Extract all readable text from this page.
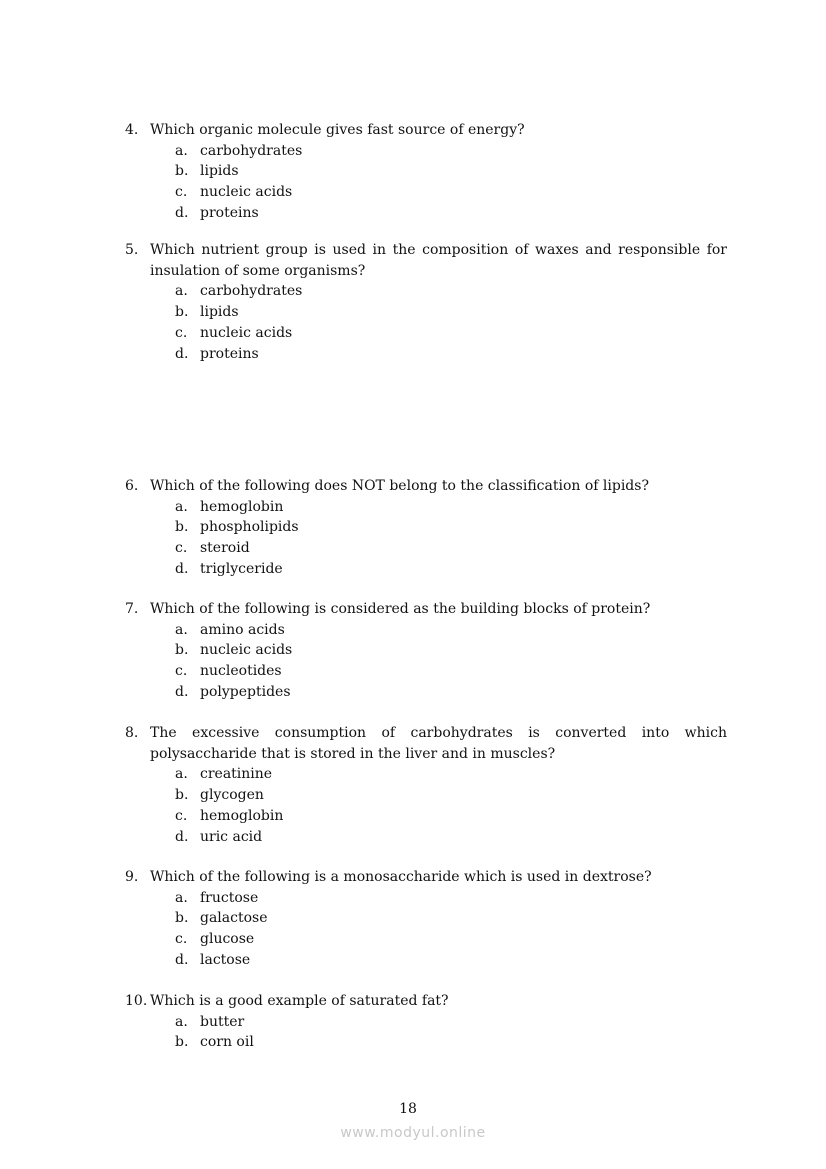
4. Which organic molecule gives fast source of energy?
a. carbohydrates
b. lipids
c. nucleic acids
d. proteins
5. Which nutrient group is used in the composition of waxes and responsible for insulation of some organisms?
a. carbohydrates
b. lipids
c. nucleic acids
d. proteins
6. Which of the following does NOT belong to the classification of lipids?
a. hemoglobin
b. phospholipids
c. steroid
d. triglyceride
7. Which of the following is considered as the building blocks of protein?
a. amino acids
b. nucleic acids
c. nucleotides
d. polypeptides
8. The excessive consumption of carbohydrates is converted into which polysaccharide that is stored in the liver and in muscles?
a. creatinine
b. glycogen
c. hemoglobin
d. uric acid
9. Which of the following is a monosaccharide which is used in dextrose?
a. fructose
b. galactose
c. glucose
d. lactose
10. Which is a good example of saturated fat?
a. butter
b. corn oil
18
www.modyul.online
